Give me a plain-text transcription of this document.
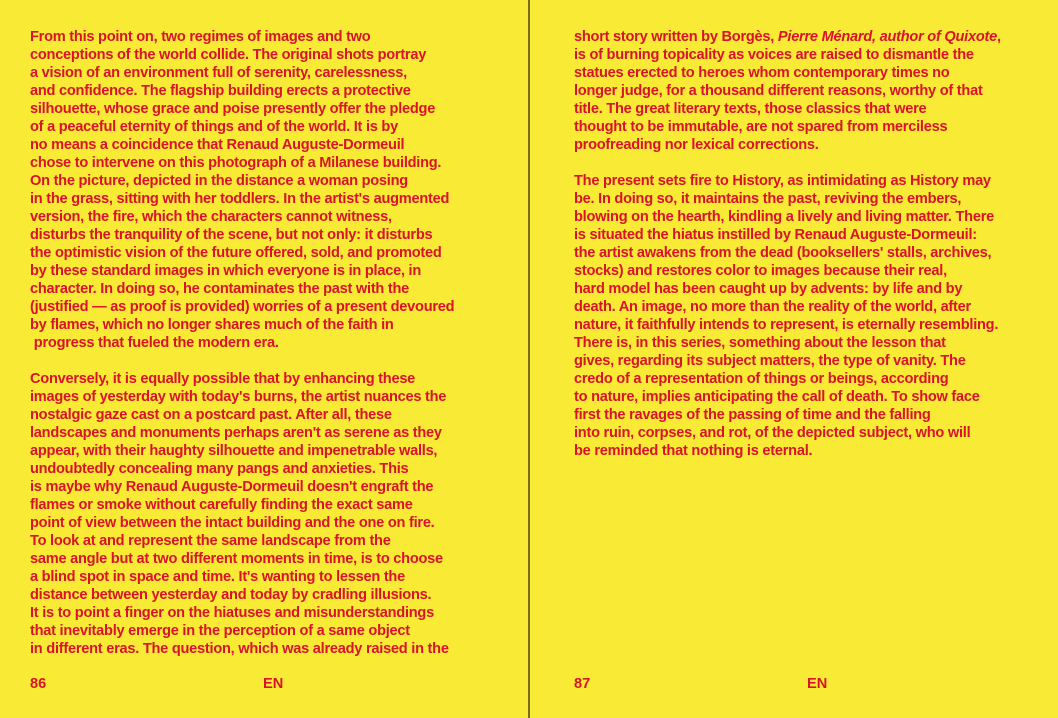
From this point on, two regimes of images and two
conceptions of the world collide. The original shots portray
a vision of an environment full of serenity, carelessness,
and confidence. The flagship building erects a protective
silhouette, whose grace and poise presently offer the pledge
of a peaceful eternity of things and of the world. It is by
no means a coincidence that Renaud Auguste-Dormeuil
chose to intervene on this photograph of a Milanese building.
On the picture, depicted in the distance a woman posing
in the grass, sitting with her toddlers. In the artist's augmented
version, the fire, which the characters cannot witness,
disturbs the tranquility of the scene, but not only: it disturbs
the optimistic vision of the future offered, sold, and promoted
by these standard images in which everyone is in place, in
character. In doing so, he contaminates the past with the
(justified — as proof is provided) worries of a present devoured
by flames, which no longer shares much of the faith in
progress that fueled the modern era.

Conversely, it is equally possible that by enhancing these
images of yesterday with today's burns, the artist nuances the
nostalgic gaze cast on a postcard past. After all, these
landscapes and monuments perhaps aren't as serene as they
appear, with their haughty silhouette and impenetrable walls,
undoubtedly concealing many pangs and anxieties. This
is maybe why Renaud Auguste-Dormeuil doesn't engraft the
flames or smoke without carefully finding the exact same
point of view between the intact building and the one on fire.
To look at and represent the same landscape from the
same angle but at two different moments in time, is to choose
a blind spot in space and time. It's wanting to lessen the
distance between yesterday and today by cradling illusions.
It is to point a finger on the hiatuses and misunderstandings
that inevitably emerge in the perception of a same object
in different eras. The question, which was already raised in the

86	EN

short story written by Borgès, Pierre Ménard, author of Quixote,
is of burning topicality as voices are raised to dismantle the
statues erected to heroes whom contemporary times no
longer judge, for a thousand different reasons, worthy of that
title. The great literary texts, those classics that were
thought to be immutable, are not spared from merciless
proofreading nor lexical corrections.

The present sets fire to History, as intimidating as History may
be. In doing so, it maintains the past, reviving the embers,
blowing on the hearth, kindling a lively and living matter. There
is situated the hiatus instilled by Renaud Auguste-Dormeuil:
the artist awakens from the dead (booksellers' stalls, archives,
stocks) and restores color to images because their real,
hard model has been caught up by advents: by life and by
death. An image, no more than the reality of the world, after
nature, it faithfully intends to represent, is eternally resembling.
There is, in this series, something about the lesson that
gives, regarding its subject matters, the type of vanity. The
credo of a representation of things or beings, according
to nature, implies anticipating the call of death. To show face
first the ravages of the passing of time and the falling
into ruin, corpses, and rot, of the depicted subject, who will
be reminded that nothing is eternal.

87	EN
